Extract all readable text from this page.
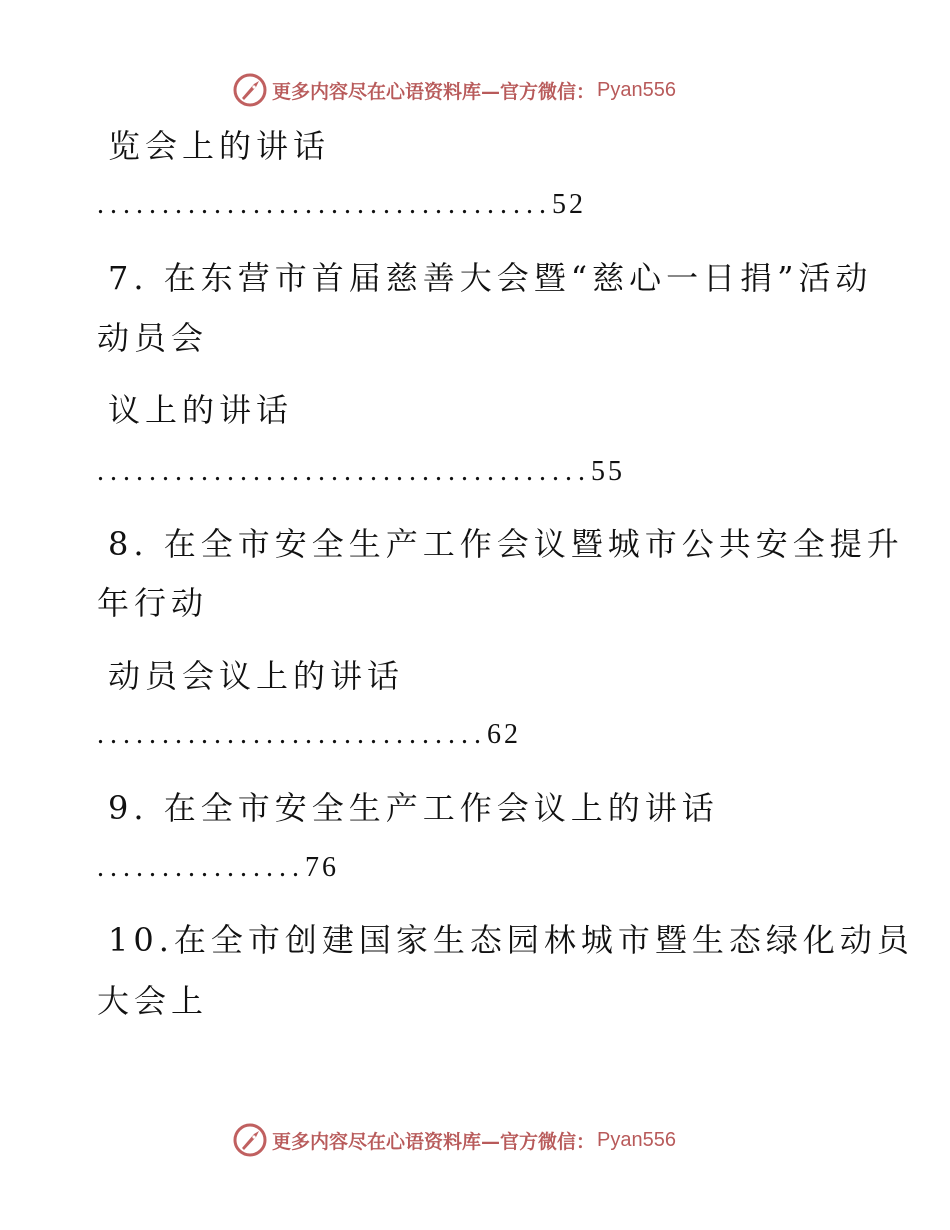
更多内容尽在心语资料库—官方微信： Pyan556
览会上的讲话
...................................52
7. 在东营市首届慈善大会暨“慈心一日捐”活动
动员会
议上的讲话
......................................55
8. 在全市安全生产工作会议暨城市公共安全提升
年行动
动员会议上的讲话
..............................62
9. 在全市安全生产工作会议上的讲话
................76
10.在全市创建国家生态园林城市暨生态绿化动员
大会上
更多内容尽在心语资料库—官方微信： Pyan556
